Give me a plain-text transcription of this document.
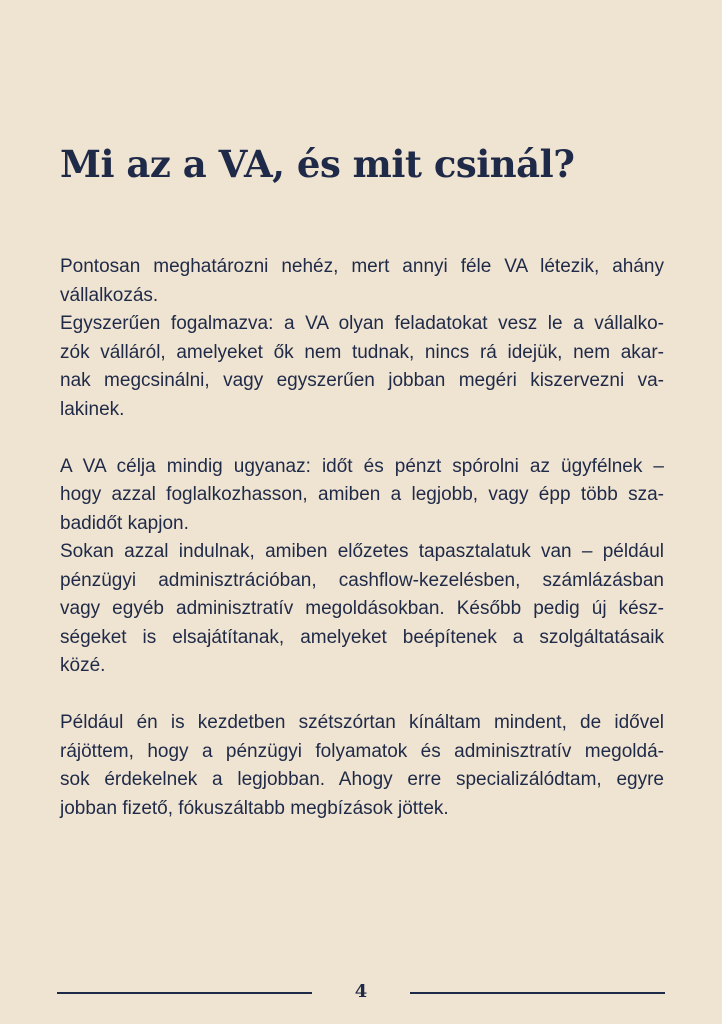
Mi az a VA, és mit csinál?
Pontosan meghatározni nehéz, mert annyi féle VA létezik, ahány
vállalkozás.
Egyszerűen fogalmazva: a VA olyan feladatokat vesz le a vállalko-
zók válláról, amelyeket ők nem tudnak, nincs rá idejük, nem akar-
nak megcsinálni, vagy egyszerűen jobban megéri kiszervezni va-
lakinek.
A VA célja mindig ugyanaz: időt és pénzt spórolni az ügyfélnek –
hogy azzal foglalkozhasson, amiben a legjobb, vagy épp több sza-
badidőt kapjon.
Sokan azzal indulnak, amiben előzetes tapasztalatuk van – például
pénzügyi adminisztrációban, cashflow-kezelésben, számlázásban
vagy egyéb adminisztratív megoldásokban. Később pedig új kész-
ségeket is elsajátítanak, amelyeket beépítenek a szolgáltatásaik
közé.
Például én is kezdetben szétszórtan kínáltam mindent, de idővel
rájöttem, hogy a pénzügyi folyamatok és adminisztratív megoldá-
sok érdekelnek a legjobban. Ahogy erre specializálódtam, egyre
jobban fizető, fókuszáltabb megbízások jöttek.
4
